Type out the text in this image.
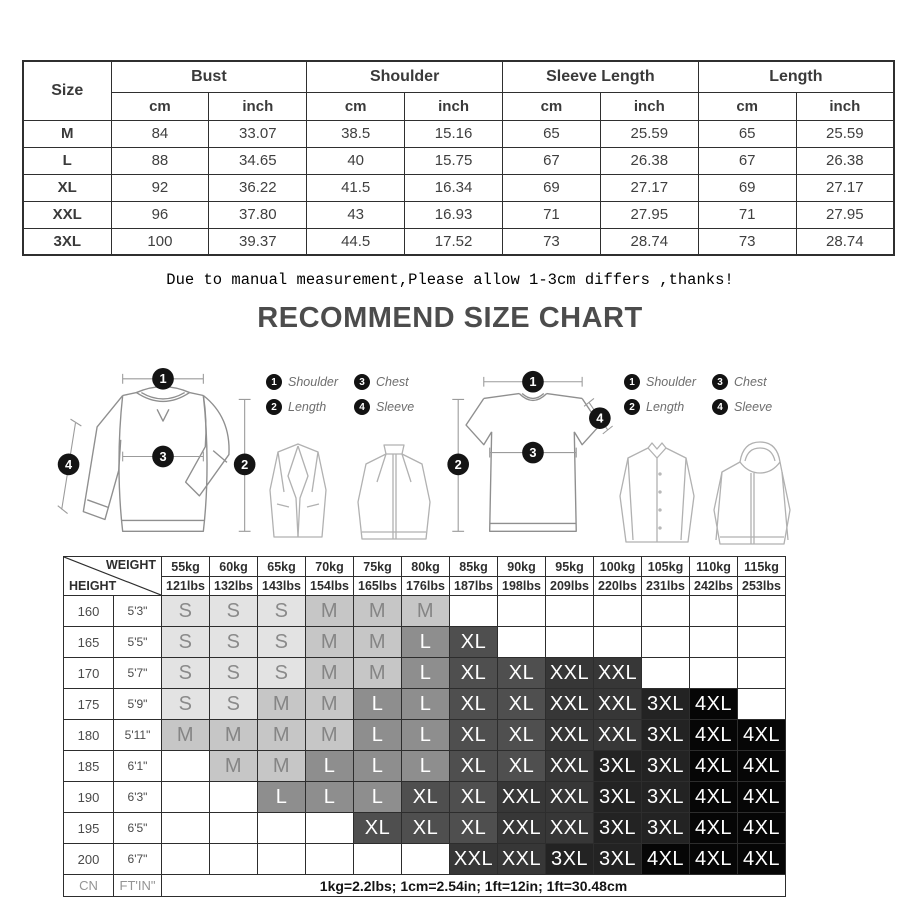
Size	Bust		Shoulder		Sleeve Length		Length	
	cm	inch	cm	inch	cm	inch	cm	inch
M	84	33.07	38.5	15.16	65	25.59	65	25.59
L	88	34.65	40	15.75	67	26.38	67	26.38
XL	92	36.22	41.5	16.34	69	27.17	69	27.17
XXL	96	37.80	43	16.93	71	27.95	71	27.95
3XL	100	39.37	44.5	17.52	73	28.74	73	28.74
Due to manual measurement,Please allow 1-3cm differs ,thanks!
RECOMMEND SIZE CHART
1
3
2
4
1 Shoulder	3 Chest
2 Length	4 Sleeve
1
3
2
4
1 Shoulder	3 Chest
2 Length	4 Sleeve
WEIGHT
HEIGHT		55kg	60kg	65kg	70kg	75kg	80kg	85kg	90kg	95kg	100kg	105kg	110kg	115kg
		121lbs	132lbs	143lbs	154lbs	165lbs	176lbs	187lbs	198lbs	209lbs	220lbs	231lbs	242lbs	253lbs
160	5'3"	S	S	S	M	M	M							
165	5'5"	S	S	S	M	M	L	XL						
170	5'7"	S	S	S	M	M	L	XL	XL	XXL	XXL			
175	5'9"	S	S	M	M	L	L	XL	XL	XXL	XXL	3XL	4XL	
180	5'11"	M	M	M	M	L	L	XL	XL	XXL	XXL	3XL	4XL	4XL
185	6'1"		M	M	L	L	L	XL	XL	XXL	3XL	3XL	4XL	4XL
190	6'3"			L	L	L	XL	XL	XXL	XXL	3XL	3XL	4XL	4XL
195	6'5"					XL	XL	XL	XXL	XXL	3XL	3XL	4XL	4XL
200	6'7"							XXL	XXL	3XL	3XL	4XL	4XL	4XL
CN	FT'IN"	1kg=2.2lbs; 1cm=2.54in; 1ft=12in; 1ft=30.48cm												
